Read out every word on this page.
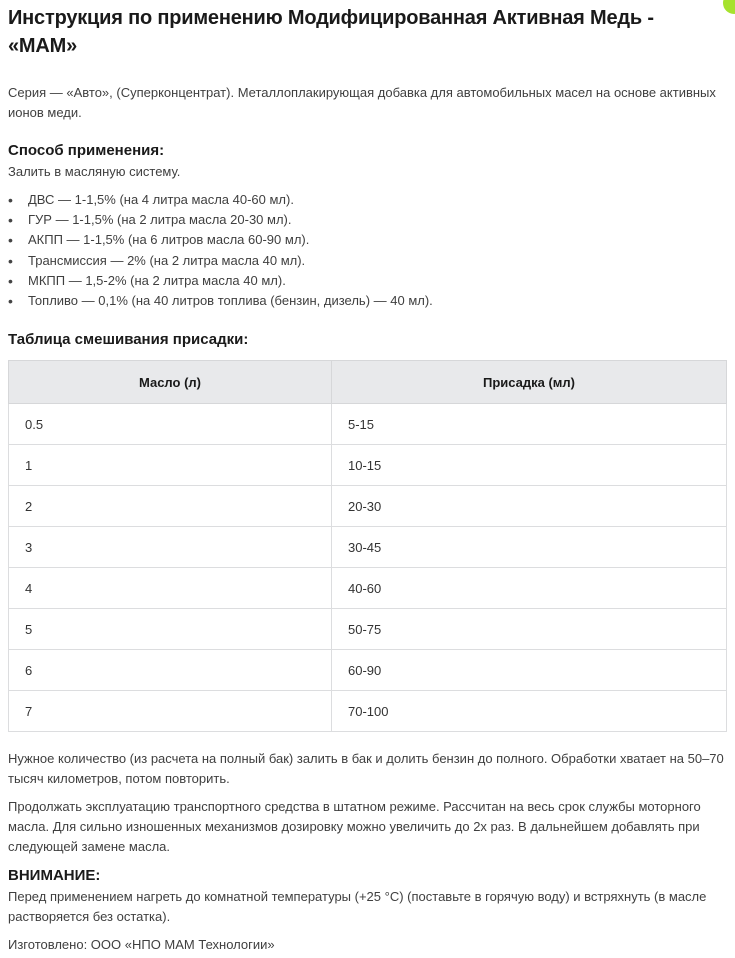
Инструкция по применению Модифицированная Активная Медь - «МАМ»

Серия — «Авто», (Суперконцентрат). Металлоплакирующая добавка для автомобильных масел на основе активных ионов меди.

Способ применения:

Залить в масляную систему.

• ДВС — 1-1,5% (на 4 литра масла 40-60 мл).
• ГУР — 1-1,5% (на 2 литра масла 20-30 мл).
• АКПП — 1-1,5% (на 6 литров масла 60-90 мл).
• Трансмиссия — 2% (на 2 литра масла 40 мл).
• МКПП — 1,5-2% (на 2 литра масла 40 мл).
• Топливо — 0,1% (на 40 литров топлива (бензин, дизель) — 40 мл).
Таблица смешивания присадки:
Масло (л)	Присадка (мл)
0.5	5-15
1	10-15
2	20-30
3	30-45
4	40-60
5	50-75
6	60-90
7	70-100

Нужное количество (из расчета на полный бак) залить в бак и долить бензин до полного. Обработки хватает на 50–70 тысяч километров, потом повторить.

Продолжать эксплуатацию транспортного средства в штатном режиме. Рассчитан на весь срок службы моторного масла. Для сильно изношенных механизмов дозировку можно увеличить до 2х раз. В дальнейшем добавлять при следующей замене масла.

ВНИМАНИЕ:

Перед применением нагреть до комнатной температуры (+25 °C) (поставьте в горячую воду) и встряхнуть (в масле растворяется без остатка).

Изготовлено: ООО «НПО МАМ Технологии»
